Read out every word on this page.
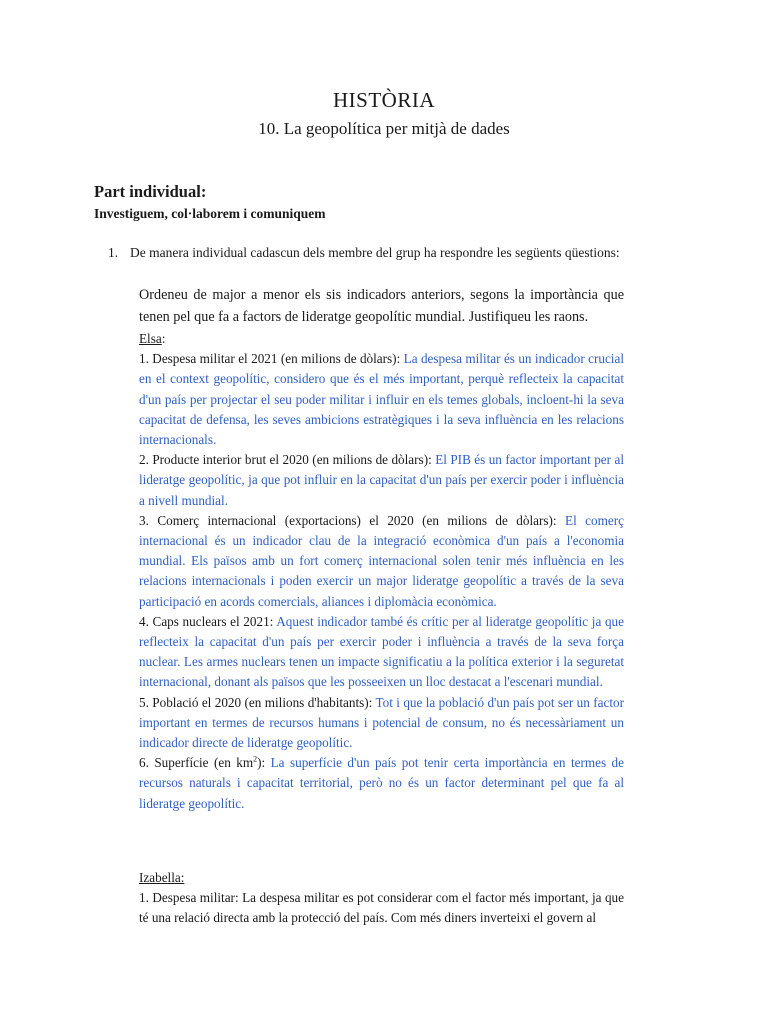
HISTÒRIA
10. La geopolítica per mitjà de dades
Part individual:
Investiguem, col·laborem i comuniquem
1. De manera individual cadascun dels membre del grup ha respondre les següents qüestions:

Ordeneu de major a menor els sis indicadors anteriors, segons la importància que tenen pel que fa a factors de lideratge geopolític mundial. Justifiqueu les raons.

Elsa:

1. Despesa militar el 2021 (en milions de dòlars): La despesa militar és un indicador crucial en el context geopolític, considero que és el més important, perquè reflecteix la capacitat d'un país per projectar el seu poder militar i influir en els temes globals, incloent-hi la seva capacitat de defensa, les seves ambicions estratègiques i la seva influència en les relacions internacionals.

2. Producte interior brut el 2020 (en milions de dòlars): El PIB és un factor important per al lideratge geopolític, ja que pot influir en la capacitat d'un país per exercir poder i influència a nivell mundial.

3. Comerç internacional (exportacions) el 2020 (en milions de dòlars): El comerç internacional és un indicador clau de la integració econòmica d'un país a l'economia mundial. Els països amb un fort comerç internacional solen tenir més influència en les relacions internacionals i poden exercir un major lideratge geopolític a través de la seva participació en acords comercials, aliances i diplomàcia econòmica.

4. Caps nuclears el 2021: Aquest indicador també és crític per al lideratge geopolític ja que reflecteix la capacitat d'un país per exercir poder i influència a través de la seva força nuclear. Les armes nuclears tenen un impacte significatiu a la política exterior i la seguretat internacional, donant als països que les posseeixen un lloc destacat a l'escenari mundial.

5. Població el 2020 (en milions d'habitants): Tot i que la població d'un país pot ser un factor important en termes de recursos humans i potencial de consum, no és necessàriament un indicador directe de lideratge geopolític.

6. Superfície (en $km^2$): La superfície d'un país pot tenir certa importància en termes de recursos naturals i capacitat territorial, però no és un factor determinant pel que fa al lideratge geopolític.

Izabella:

1. Despesa militar: La despesa militar es pot considerar com el factor més important, ja que té una relació directa amb la protecció del país. Com més diners inverteixi el govern al
